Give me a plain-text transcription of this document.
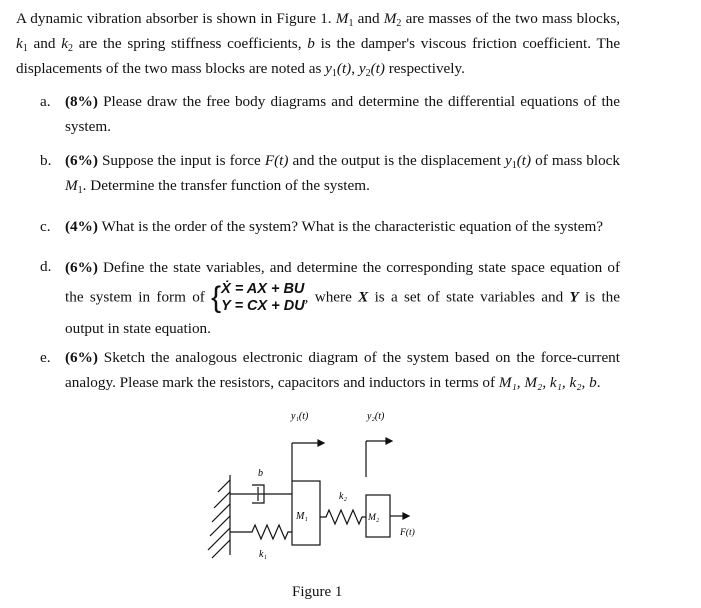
A dynamic vibration absorber is shown in Figure 1. $M_1$ and $M_2$ are masses of the two mass blocks, $k_1$ and $k_2$ are the spring stiffness coefficients, b is the damper's viscous friction coefficient. The displacements of the two mass blocks are noted as $y_1(t)$, $y_2(t)$ respectively.
a. (8%) Please draw the free body diagrams and determine the differential equations of the system.
b. (6%) Suppose the input is force F(t) and the output is the displacement $y_1(t)$ of mass block $M_1$. Determine the transfer function of the system.
c. (4%) What is the order of the system? What is the characteristic equation of the system?
d. (6%) Define the state variables, and determine the corresponding state space equation of the system in form of { Ẋ = AX + BU
Y = CX + DU
, where X is a set of state variables and Y is the output in state equation.
e. (6%) Sketch the analogous electronic diagram of the system based on the force-current analogy. Please mark the resistors, capacitors and inductors in terms of M₁, M₂, k₁, k₂, b.
b
k₁
M₁
y₁(t)
k₂
M₂
y₂(t)
F(t)
Figure 1
